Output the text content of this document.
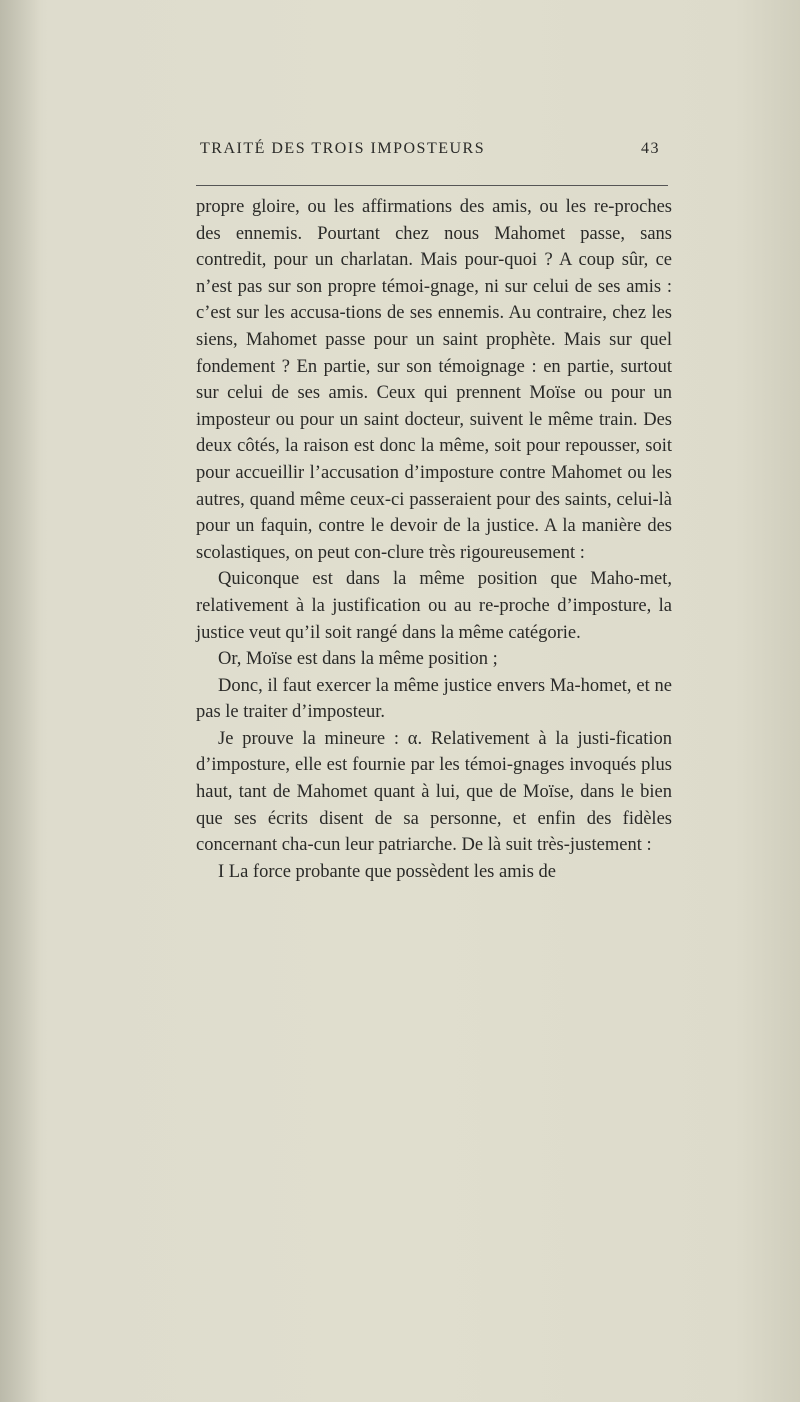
TRAITÉ DES TROIS IMPOSTEURS	43

propre gloire, ou les affirmations des amis, ou les re-proches des ennemis. Pourtant chez nous Mahomet passe, sans contredit, pour un charlatan. Mais pour-quoi ? A coup sûr, ce n’est pas sur son propre témoi-gnage, ni sur celui de ses amis : c’est sur les accusa-tions de ses ennemis. Au contraire, chez les siens, Mahomet passe pour un saint prophète. Mais sur quel fondement ? En partie, sur son témoignage : en partie, surtout sur celui de ses amis. Ceux qui prennent Moïse ou pour un imposteur ou pour un saint docteur, suivent le même train. Des deux côtés, la raison est donc la même, soit pour repousser, soit pour accueillir l’accusation d’imposture contre Mahomet ou les autres, quand même ceux-ci passeraient pour des saints, celui-là pour un faquin, contre le devoir de la justice. A la manière des scolastiques, on peut con-clure très rigoureusement :

Quiconque est dans la même position que Maho-met, relativement à la justification ou au re-proche d’imposture, la justice veut qu’il soit rangé dans la même catégorie.

Or, Moïse est dans la même position ;

Donc, il faut exercer la même justice envers Ma-homet, et ne pas le traiter d’imposteur.

Je prouve la mineure : α. Relativement à la justi-fication d’imposture, elle est fournie par les témoi-gnages invoqués plus haut, tant de Mahomet quant à lui, que de Moïse, dans le bien que ses écrits disent de sa personne, et enfin des fidèles concernant cha-cun leur patriarche. De là suit très-justement :

I La force probante que possèdent les amis de
